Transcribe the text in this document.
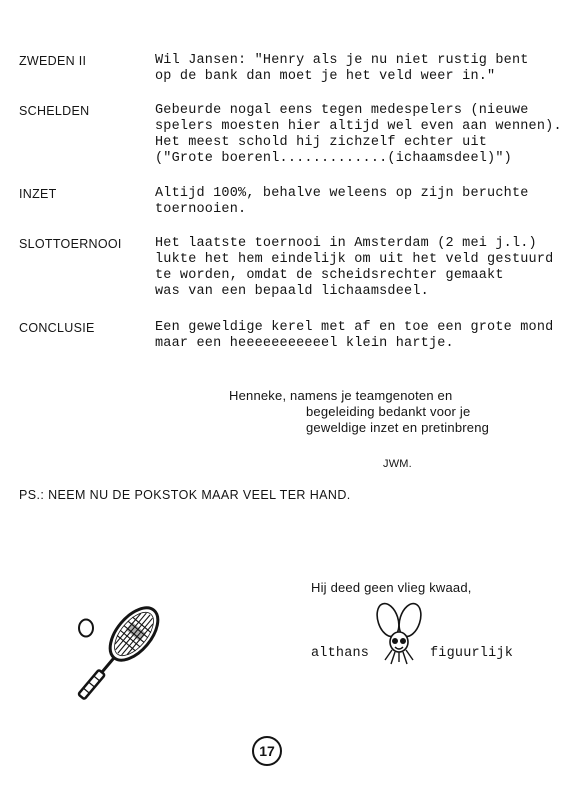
ZWEDEN II	Wil Jansen: "Henry als je nu niet rustig bent
op de bank dan moet je het veld weer in."
SCHELDEN	Gebeurde nogal eens tegen medespelers (nieuwe
spelers moesten hier altijd wel even aan wennen).
Het meest schold hij zichzelf echter uit
("Grote boerenl.............(ichaamsdeel)")
INZET	Altijd 100%, behalve weleens op zijn beruchte
toernooien.
SLOTTOERNOOI Het laatste toernooi in Amsterdam (2 mei j.l.)
lukte het hem eindelijk om uit het veld gestuurd
te worden, omdat de scheidsrechter gemaakt
was van een bepaald lichaamsdeel.
CONCLUSIE	Een geweldige kerel met af en toe een grote mond
maar een heeeeeeeeeeel klein hartje.
Henneke, namens je teamgenoten en
begeleiding bedankt voor je
geweldige inzet en pretinbreng
JWM.
PS.: NEEM NU DE POKSTOK MAAR VEEL TER HAND.
Hij deed geen vlieg kwaad,
althans	figuurlijk
17
